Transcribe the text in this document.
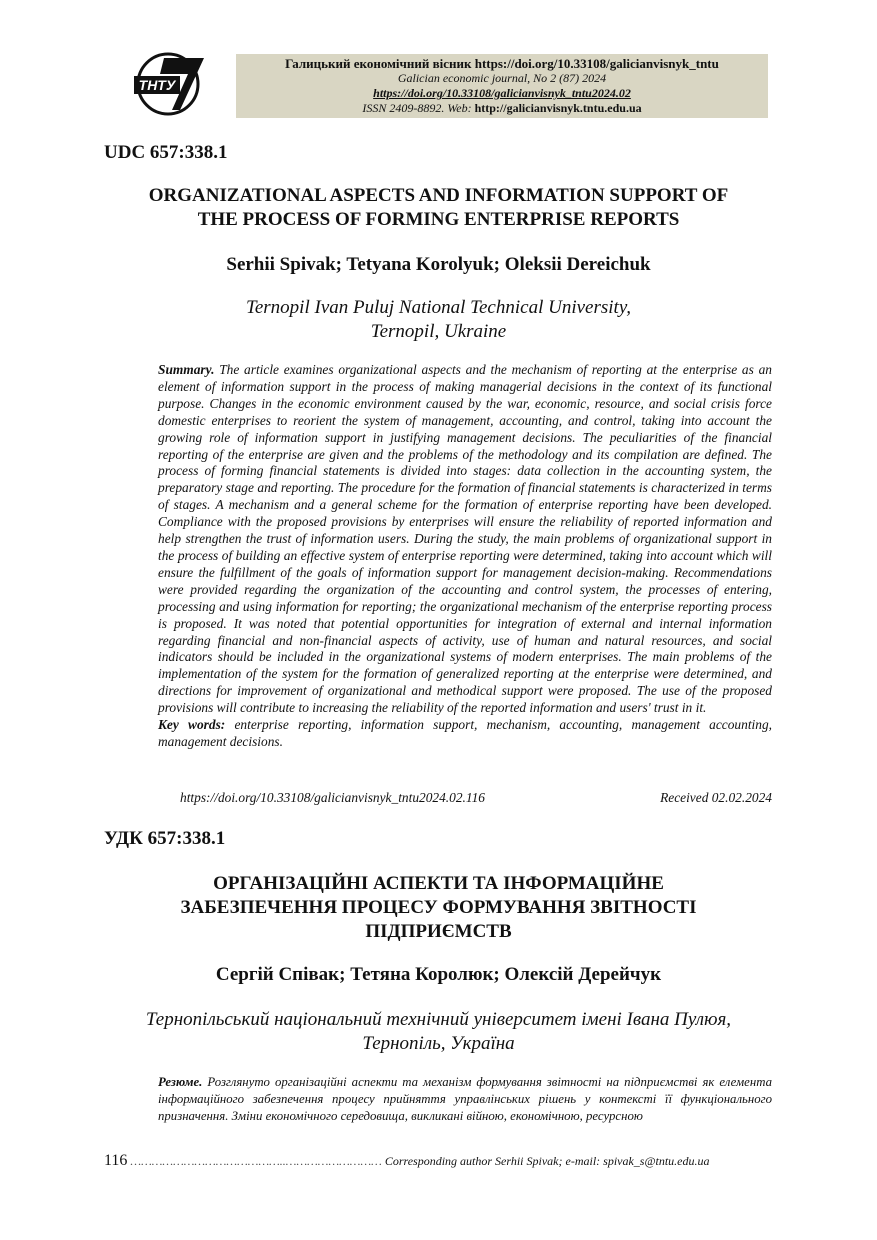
ТНТУ
Галицький економічний вісник https://doi.org/10.33108/galicianvisnyk_tntu
Galician economic journal, No 2 (87) 2024
https://doi.org/10.33108/galicianvisnyk_tntu2024.02
ISSN 2409-8892. Web: http://galicianvisnyk.tntu.edu.ua
UDC 657:338.1
ORGANIZATIONAL ASPECTS AND INFORMATION SUPPORT OF
THE PROCESS OF FORMING ENTERPRISE REPORTS
Serhii Spivak; Tetyana Korolyuk; Oleksii Dereichuk
Ternopil Ivan Puluj National Technical University,
Ternopil, Ukraine
Summary. The article examines organizational aspects and the mechanism of reporting at the enterprise as an element of information support in the process of making managerial decisions in the context of its functional purpose. Changes in the economic environment caused by the war, economic, resource, and social crisis force domestic enterprises to reorient the system of management, accounting, and control, taking into account the growing role of information support in justifying management decisions. The peculiarities of the financial reporting of the enterprise are given and the problems of the methodology and its compilation are defined. The process of forming financial statements is divided into stages: data collection in the accounting system, the preparatory stage and reporting. The procedure for the formation of financial statements is characterized in terms of stages. A mechanism and a general scheme for the formation of enterprise reporting have been developed. Compliance with the proposed provisions by enterprises will ensure the reliability of reported information and help strengthen the trust of information users. During the study, the main problems of organizational support in the process of building an effective system of enterprise reporting were determined, taking into account which will ensure the fulfillment of the goals of information support for management decision-making. Recommendations were provided regarding the organization of the accounting and control system, the processes of entering, processing and using information for reporting; the organizational mechanism of the enterprise reporting process is proposed. It was noted that potential opportunities for integration of external and internal information regarding financial and non-financial aspects of activity, use of human and natural resources, and social indicators should be included in the organizational systems of modern enterprises. The main problems of the implementation of the system for the formation of generalized reporting at the enterprise were determined, and directions for improvement of organizational and methodical support were proposed. The use of the proposed provisions will contribute to increasing the reliability of the reported information and users' trust in it.
Key words: enterprise reporting, information support, mechanism, accounting, management accounting, management decisions.
https://doi.org/10.33108/galicianvisnyk_tntu2024.02.116	Received 02.02.2024
УДК 657:338.1
ОРГАНІЗАЦІЙНІ АСПЕКТИ ТА ІНФОРМАЦІЙНЕ
ЗАБЕЗПЕЧЕННЯ ПРОЦЕСУ ФОРМУВАННЯ ЗВІТНОСТІ
ПІДПРИЄМСТВ
Сергій Співак; Тетяна Королюк; Олексій Дерейчук
Тернопільський національний технічний університет імені Івана Пулюя,
Тернопіль, Україна
Резюме. Розглянуто організаційні аспекти та механізм формування звітності на підприємстві як елемента інформаційного забезпечення процесу прийняття управлінських рішень у контексті її функціонального призначення. Зміни економічного середовища, викликані війною, економічною, ресурсною
116 ……………………………………..……………………… Corresponding author Serhii Spivak; e-mail: spivak_s@tntu.edu.ua
